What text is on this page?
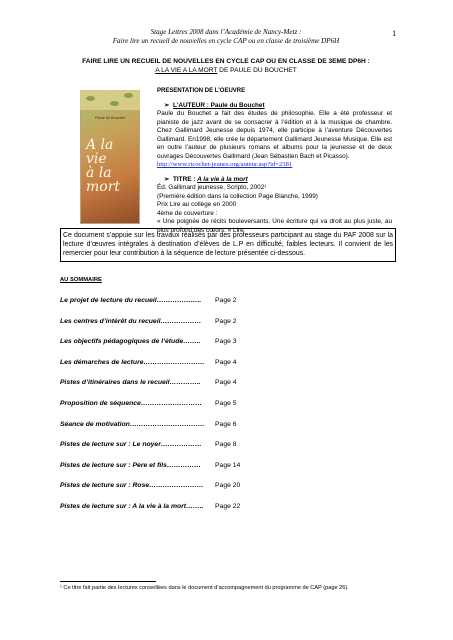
Stage Lettres 2008 dans l’Académie de Nancy-Metz :
Faire lire un recueil de nouvelles en cycle CAP ou en classe de troisième DP6H
1
FAIRE LIRE UN RECUEIL DE NOUVELLES EN CYCLE CAP OU EN CLASSE DE 3EME DP6H :
A LA VIE A LA MORT DE PAULE DU BOUCHET
Paule du Bouchet
A la vie
à la mort
PRESENTATION DE L’OEUVRE
➢ L’AUTEUR : Paule du Bouchet

Paule du Bouchet a fait des études de philosophie. Elle a été professeur et pianiste de jazz avant de se consacrer à l’édition et à la musique de chambre. Chez Gallimard Jeunesse depuis 1974, elle participe à l’aventure Découvertes Gallimard. En1998, elle crée le département Gallimard Jeunesse Musique. Elle est en outre l’auteur de plusieurs romans et albums pour la jeunesse et de deux ouvrages Découvertes Gallimard (Jean Sébastien Bach et Picasso).

http://www.ricochet-jeunes.org/auteur.asp?id=2381
➢ TITRE : A la vie à la mort
Éd. Gallimard jeunesse, Scripto, 2002¹
(Première édition dans la collection Page Blanche, 1999)
Prix Lire au collège en 2000
4ème de couverture :

« Une poignée de récits bouleversants. Une écriture qui va droit au plus juste, au plus profond des cœurs. » Lire

Ce document s’appuie sur les travaux réalisés par des professeurs participant au stage du PAF 2008 sur la lecture d’œuvres intégrales à destination d’élèves de L.P en difficulté, faibles lecteurs. Il convient de les remercier pour leur contribution à la séquence de lecture présentée ci-dessous.
AU SOMMAIRE
Le projet de lecture du recueil……………….. Page 2
Les centres d’intérêt du recueil……………… Page 2
Les objectifs pédagogiques de l’étude…….. Page 3
Les démarches de lecture……………………… Page 4
Pistes d’itinéraires dans le recueil………….. Page 4
Proposition de séquence……………………… Page 5
Séance de motivation…………………………… Page 6
Pistes de lecture sur : Le noyer……………… Page 8
Pistes de lecture sur : Père et fils…………… Page 14
Pistes de lecture sur : Rose…………………… Page 20
Pistes de lecture sur : A la vie à la mort…….. Page 22
¹ Ce titre fait partie des lectures conseillées dans le document d’accompagnement du programme de CAP (page 26).
